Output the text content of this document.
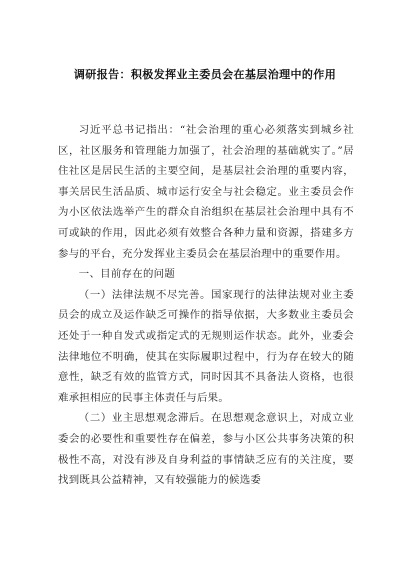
调研报告：积极发挥业主委员会在基层治理中的作用

习近平总书记指出：“社会治理的重心必须落实到城乡社区，社区服务和管理能力加强了，社会治理的基础就实了。”居住社区是居民生活的主要空间，是基层社会治理的重要内容，事关居民生活品质、城市运行安全与社会稳定。业主委员会作为小区依法选举产生的群众自治组织在基层社会治理中具有不可或缺的作用，因此必须有效整合各种力量和资源，搭建多方参与的平台，充分发挥业主委员会在基层治理中的重要作用。

一、目前存在的问题

（一）法律法规不尽完善。国家现行的法律法规对业主委员会的成立及运作缺乏可操作的指导依据，大多数业主委员会还处于一种自发式或指定式的无规则运作状态。此外，业委会法律地位不明确，使其在实际履职过程中，行为存在较大的随意性，缺乏有效的监管方式，同时因其不具备法人资格，也很难承担相应的民事主体责任与后果。

（二）业主思想观念滞后。在思想观念意识上，对成立业委会的必要性和重要性存在偏差，参与小区公共事务决策的积极性不高，对没有涉及自身利益的事情缺乏应有的关注度，要找到既具公益精神，又有较强能力的候选委
